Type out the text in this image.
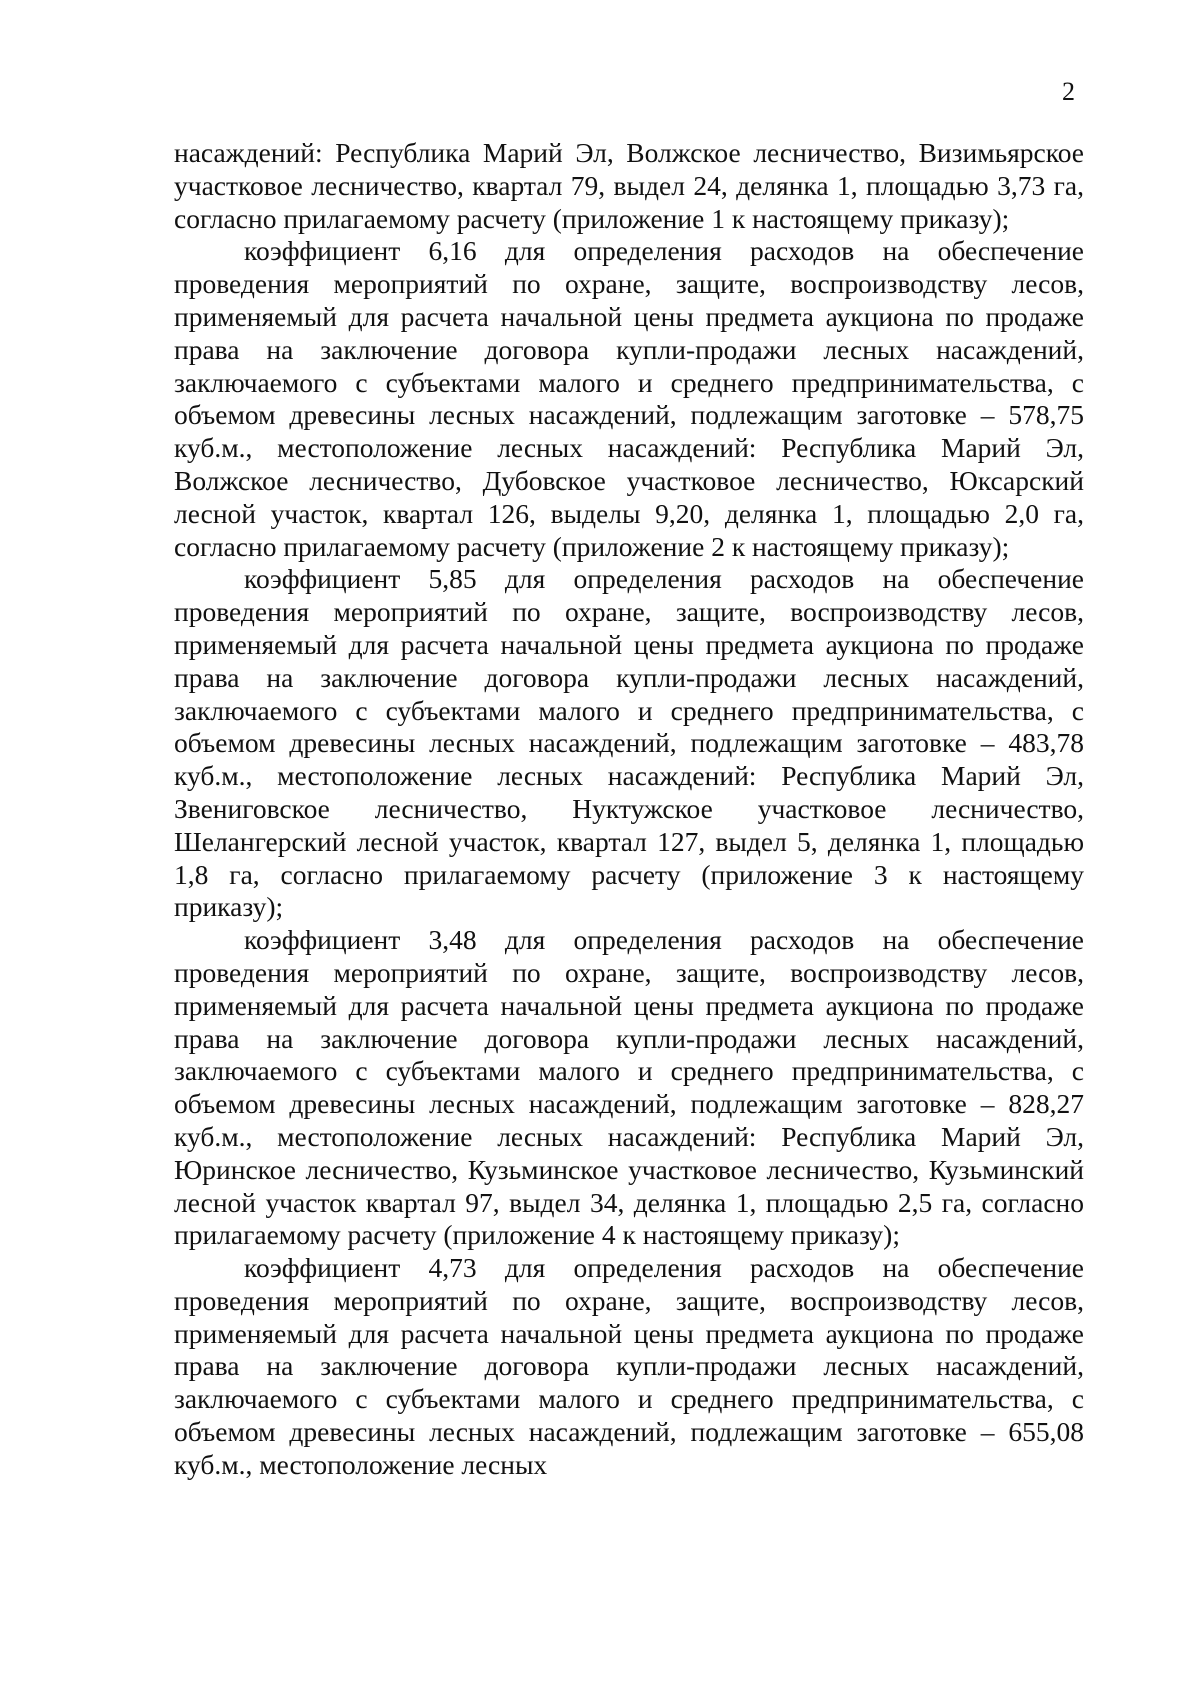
2
насаждений: Республика Марий Эл, Волжское лесничество, Визимьярское участковое лесничество, квартал 79, выдел 24, делянка 1, площадью 3,73 га, согласно прилагаемому расчету (приложение 1 к настоящему приказу);
коэффициент 6,16 для определения расходов на обеспечение проведения мероприятий по охране, защите, воспроизводству лесов, применяемый для расчета начальной цены предмета аукциона по продаже права на заключение договора купли-продажи лесных насаждений, заключаемого с субъектами малого и среднего предпринимательства, с объемом древесины лесных насаждений, подлежащим заготовке – 578,75 куб.м., местоположение лесных насаждений: Республика Марий Эл, Волжское лесничество, Дубовское участковое лесничество, Юксарский лесной участок, квартал 126, выделы 9,20, делянка 1, площадью 2,0 га, согласно прилагаемому расчету (приложение 2 к настоящему приказу);
коэффициент 5,85 для определения расходов на обеспечение проведения мероприятий по охране, защите, воспроизводству лесов, применяемый для расчета начальной цены предмета аукциона по продаже права на заключение договора купли-продажи лесных насаждений, заключаемого с субъектами малого и среднего предпринимательства, с объемом древесины лесных насаждений, подлежащим заготовке – 483,78 куб.м., местоположение лесных насаждений: Республика Марий Эл, Звениговское лесничество, Нуктужское участковое лесничество, Шелангерский лесной участок, квартал 127, выдел 5, делянка 1, площадью 1,8 га, согласно прилагаемому расчету (приложение 3 к настоящему приказу);
коэффициент 3,48 для определения расходов на обеспечение проведения мероприятий по охране, защите, воспроизводству лесов, применяемый для расчета начальной цены предмета аукциона по продаже права на заключение договора купли-продажи лесных насаждений, заключаемого с субъектами малого и среднего предпринимательства, с объемом древесины лесных насаждений, подлежащим заготовке – 828,27 куб.м., местоположение лесных насаждений: Республика Марий Эл, Юринское лесничество, Кузьминское участковое лесничество, Кузьминский лесной участок квартал 97, выдел 34, делянка 1, площадью 2,5 га, согласно прилагаемому расчету (приложение 4 к настоящему приказу);
коэффициент 4,73 для определения расходов на обеспечение проведения мероприятий по охране, защите, воспроизводству лесов, применяемый для расчета начальной цены предмета аукциона по продаже права на заключение договора купли-продажи лесных насаждений, заключаемого с субъектами малого и среднего предпринимательства, с объемом древесины лесных насаждений, подлежащим заготовке – 655,08 куб.м., местоположение лесных
